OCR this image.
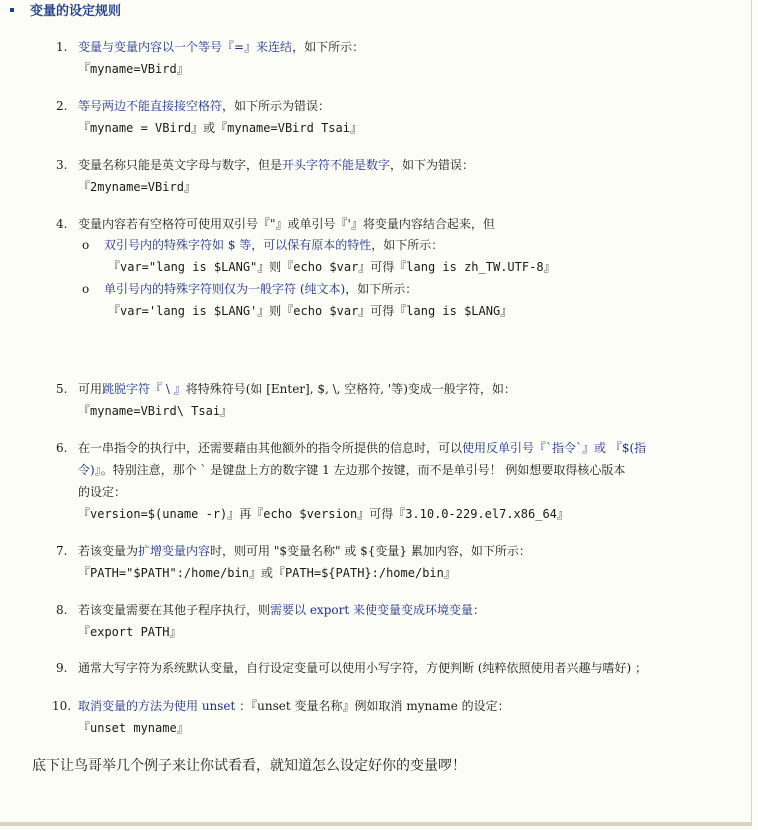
变量的设定规则
1. 变量与变量内容以一个等号『=』来连结，如下所示：
『myname=VBird』
2. 等号两边不能直接接空格符，如下所示为错误：
『myname = VBird』或『myname=VBird Tsai』
3. 变量名称只能是英文字母与数字，但是开头字符不能是数字，如下为错误：
『2myname=VBird』
4. 变量内容若有空格符可使用双引号『"』或单引号『'』将变量内容结合起来，但
o 双引号内的特殊字符如 $ 等，可以保有原本的特性，如下所示：
『var="lang is $LANG"』则『echo $var』可得『lang is zh_TW.UTF-8』
o 单引号内的特殊字符则仅为一般字符 (纯文本)，如下所示：
『var='lang is $LANG'』则『echo $var』可得『lang is $LANG』
5. 可用跳脱字符『 \ 』将特殊符号(如 [Enter], $, \, 空格符, '等)变成一般字符，如：
『myname=VBird\ Tsai』
6. 在一串指令的执行中，还需要藉由其他额外的指令所提供的信息时，可以使用反单引号『`指令`』或 『$(指
令)』。特别注意，那个 ` 是键盘上方的数字键 1 左边那个按键，而不是单引号！ 例如想要取得核心版本
的设定：
『version=$(uname -r)』再『echo $version』可得『3.10.0-229.el7.x86_64』
7. 若该变量为扩增变量内容时，则可用 "$变量名称" 或 ${变量} 累加内容，如下所示：
『PATH="$PATH":/home/bin』或『PATH=${PATH}:/home/bin』
8. 若该变量需要在其他子程序执行，则需要以 export 来使变量变成环境变量：
『export PATH』
9. 通常大写字符为系统默认变量，自行设定变量可以使用小写字符，方便判断 (纯粹依照使用者兴趣与嗜好) ；
10. 取消变量的方法为使用 unset ：『unset 变量名称』例如取消 myname 的设定：
『unset myname』
底下让鸟哥举几个例子来让你试看看，就知道怎么设定好你的变量啰！
